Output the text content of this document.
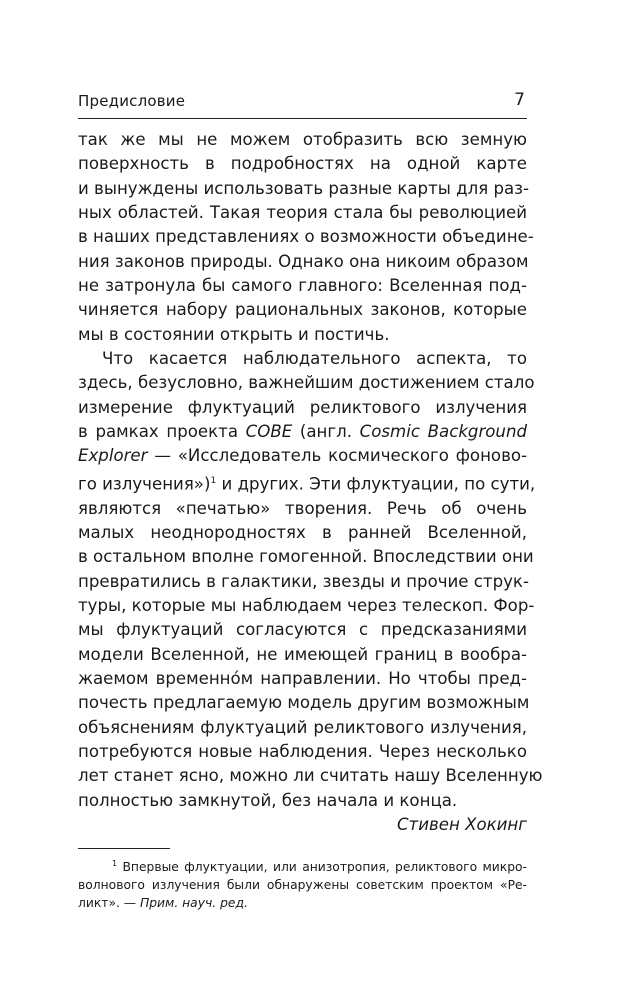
Предисловие	7
так же мы не можем отобразить всю земную
поверхность в подробностях на одной карте
и вынуждены использовать разные карты для раз-
ных областей. Такая теория стала бы революцией
в наших представлениях о возможности объедине-
ния законов природы. Однако она никоим образом
не затронула бы самого главного: Вселенная под-
чиняется набору рациональных законов, которые
мы в состоянии открыть и постичь.
Что касается наблюдательного аспекта, то
здесь, безусловно, важнейшим достижением стало
измерение флуктуаций реликтового излучения
в рамках проекта COBE (англ. Cosmic Background
Explorer — «Исследователь космического фоново-
го излучения»)$^1$ и других. Эти флуктуации, по сути,
являются «печатью» творения. Речь об очень
малых неоднородностях в ранней Вселенной,
в остальном вполне гомогенной. Впоследствии они
превратились в галактики, звезды и прочие струк-
туры, которые мы наблюдаем через телескоп. Фор-
мы флуктуаций согласуются с предсказаниями
модели Вселенной, не имеющей границ в вообра-
жаемом временно́м направлении. Но чтобы пред-
почесть предлагаемую модель другим возможным
объяснениям флуктуаций реликтового излучения,
потребуются новые наблюдения. Через несколько
лет станет ясно, можно ли считать нашу Вселенную
полностью замкнутой, без начала и конца.
Стивен Хокинг
$^1$ Впервые флуктуации, или анизотропия, реликтового микро-
волнового излучения были обнаружены советским проектом «Ре-
ликт». — Прим. науч. ред.
